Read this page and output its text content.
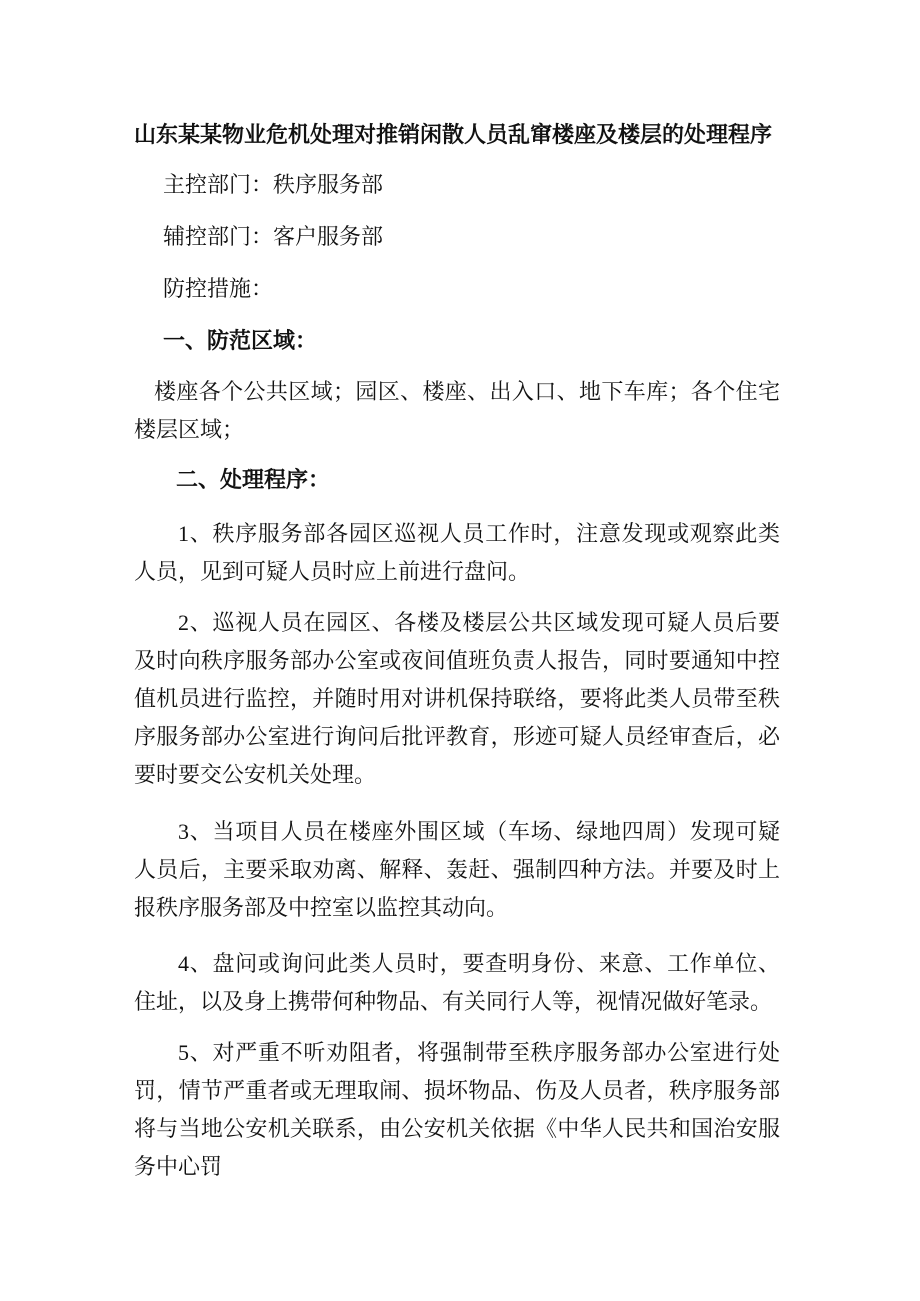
山东某某物业危机处理对推销闲散人员乱窜楼座及楼层的处理程序
主控部门：秩序服务部
辅控部门：客户服务部
防控措施：
一、防范区域：
楼座各个公共区域；园区、楼座、出入口、地下车库；各个住宅楼层区域；
二、处理程序：
1、秩序服务部各园区巡视人员工作时，注意发现或观察此类人员，见到可疑人员时应上前进行盘问。
2、巡视人员在园区、各楼及楼层公共区域发现可疑人员后要及时向秩序服务部办公室或夜间值班负责人报告，同时要通知中控值机员进行监控，并随时用对讲机保持联络，要将此类人员带至秩序服务部办公室进行询问后批评教育，形迹可疑人员经审查后，必要时要交公安机关处理。
3、当项目人员在楼座外围区域（车场、绿地四周）发现可疑人员后，主要采取劝离、解释、轰赶、强制四种方法。并要及时上报秩序服务部及中控室以监控其动向。
4、盘问或询问此类人员时，要查明身份、来意、工作单位、住址，以及身上携带何种物品、有关同行人等，视情况做好笔录。
5、对严重不听劝阻者，将强制带至秩序服务部办公室进行处罚，情节严重者或无理取闹、损坏物品、伤及人员者，秩序服务部将与当地公安机关联系，由公安机关依据《中华人民共和国治安服务中心罚
